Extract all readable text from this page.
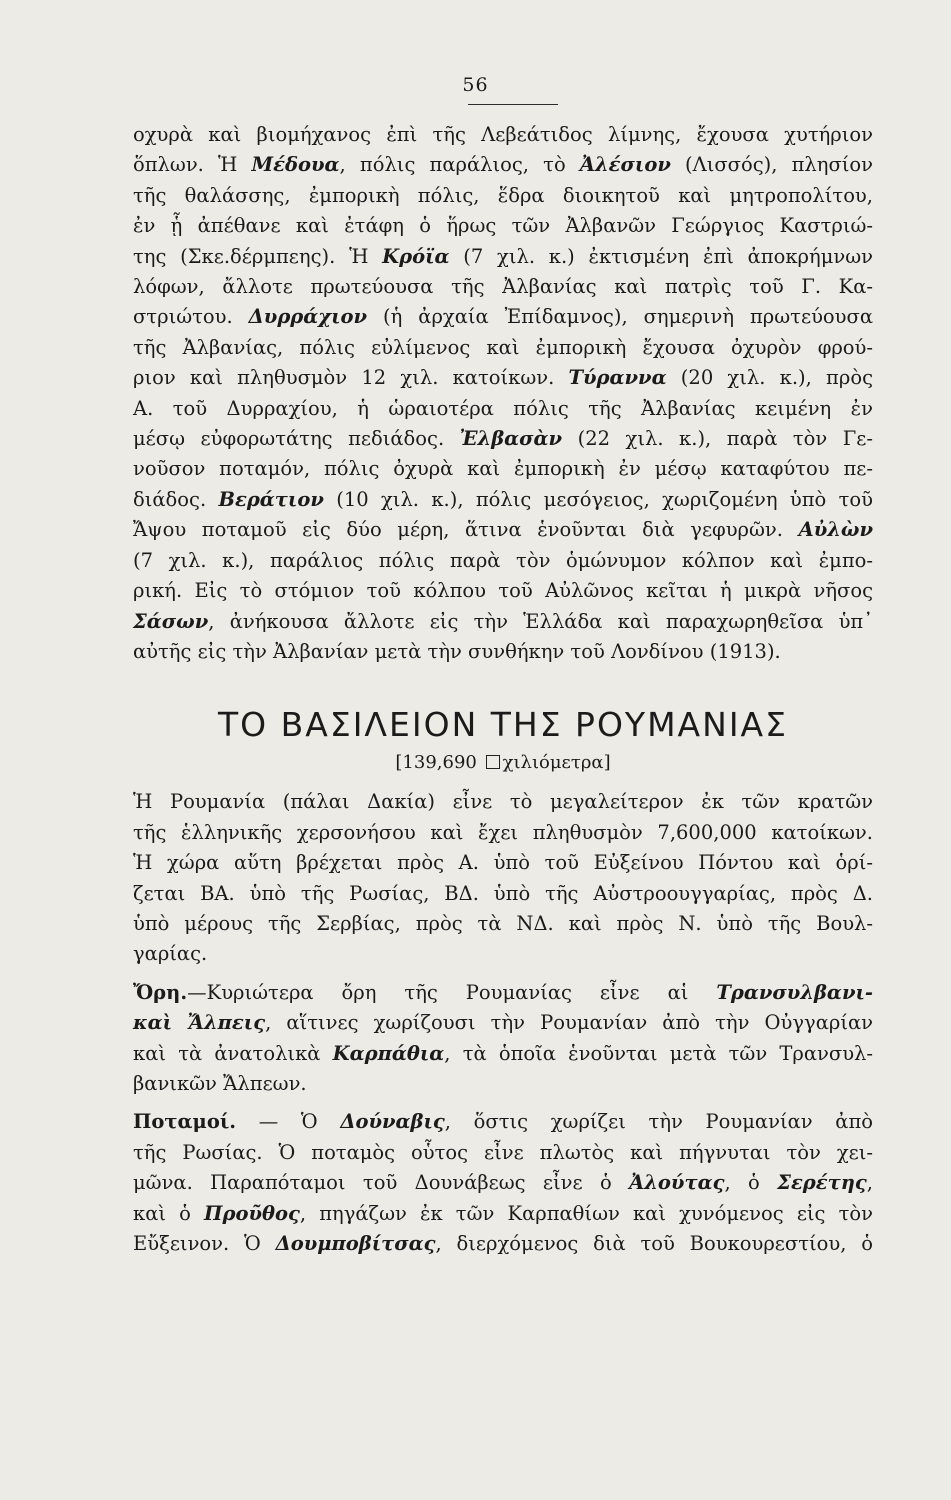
56

οχυρὰ καὶ βιομήχανος ἐπὶ τῆς Λεβεάτιδος λίμνης, ἔχουσα χυτήριον
ὅπλων. Ἡ Μέδουα, πόλις παράλιος, τὸ Ἀλέσιον (Λισσός), πλησίον
τῆς θαλάσσης, ἐμπορικὴ πόλις, ἕδρα διοικητοῦ καὶ μητροπολίτου,
ἐν ᾗ ἀπέθανε καὶ ἐτάφη ὁ ἥρως τῶν Ἀλβανῶν Γεώργιος Καστριώ-
της (Σκε.δέρμπεης). Ἡ Κρόϊα (7 χιλ. κ.) ἐκτισμένη ἐπὶ ἀποκρήμνων
λόφων, ἄλλοτε πρωτεύουσα τῆς Ἀλβανίας καὶ πατρὶς τοῦ Γ. Κα-
στριώτου. Δυρράχιον (ἡ ἀρχαία Ἐπίδαμνος), σημερινὴ πρωτεύουσα
τῆς Ἀλβανίας, πόλις εὐλίμενος καὶ ἐμπορικὴ ἔχουσα ὀχυρὸν φρού-
ριον καὶ πληθυσμὸν 12 χιλ. κατοίκων. Τύραννα (20 χιλ. κ.), πρὸς
Α. τοῦ Δυρραχίου, ἡ ὡραιοτέρα πόλις τῆς Ἀλβανίας κειμένη ἐν
μέσῳ εὐφορωτάτης πεδιάδος. Ἐλβασὰν (22 χιλ. κ.), παρὰ τὸν Γε-
νοῦσον ποταμόν, πόλις ὀχυρὰ καὶ ἐμπορικὴ ἐν μέσῳ καταφύτου πε-
διάδος. Βεράτιον (10 χιλ. κ.), πόλις μεσόγειος, χωριζομένη ὑπὸ τοῦ
Ἄψου ποταμοῦ εἰς δύο μέρη, ἅτινα ἑνοῦνται διὰ γεφυρῶν. Αὐλὼν
(7 χιλ. κ.), παράλιος πόλις παρὰ τὸν ὁμώνυμον κόλπον καὶ ἐμπο-
ρική. Εἰς τὸ στόμιον τοῦ κόλπου τοῦ Αὐλῶνος κεῖται ἡ μικρὰ νῆσος
Σάσων, ἀνήκουσα ἄλλοτε εἰς τὴν Ἑλλάδα καὶ παραχωρηθεῖσα ὑπ᾽
αὐτῆς εἰς τὴν Ἀλβανίαν μετὰ τὴν συνθήκην τοῦ Λονδίνου (1913).

ΤΟ ΒΑΣΙΛΕΙΟΝ ΤΗΣ ΡΟΥΜΑΝΙΑΣ
[139,690 χιλιόμετρα]

Ἡ Ρουμανία (πάλαι Δακία) εἶνε τὸ μεγαλείτερον ἐκ τῶν κρατῶν
τῆς ἑλληνικῆς χερσονήσου καὶ ἔχει πληθυσμὸν 7,600,000 κατοίκων.
Ἡ χώρα αὕτη βρέχεται πρὸς Α. ὑπὸ τοῦ Εὐξείνου Πόντου καὶ ὁρί-
ζεται ΒΑ. ὑπὸ τῆς Ρωσίας, ΒΔ. ὑπὸ τῆς Αὐστροουγγαρίας, πρὸς Δ.
ὑπὸ μέρους τῆς Σερβίας, πρὸς τὰ ΝΔ. καὶ πρὸς Ν. ὑπὸ τῆς Βουλ-
γαρίας.

Ὄρη.—Κυριώτερα ὄρη τῆς Ρουμανίας εἶνε αἱ Τρανσυλβανι-
καὶ Ἄλπεις, αἵτινες χωρίζουσι τὴν Ρουμανίαν ἀπὸ τὴν Οὐγγαρίαν
καὶ τὰ ἀνατολικὰ Καρπάθια, τὰ ὁποῖα ἑνοῦνται μετὰ τῶν Τρανσυλ-
βανικῶν Ἄλπεων.

Ποταμοί. — Ὁ Δούναβις, ὅστις χωρίζει τὴν Ρουμανίαν ἀπὸ
τῆς Ρωσίας. Ὁ ποταμὸς οὗτος εἶνε πλωτὸς καὶ πήγνυται τὸν χει-
μῶνα. Παραπόταμοι τοῦ Δουνάβεως εἶνε ὁ Ἀλούτας, ὁ Σερέτης,
καὶ ὁ Προῦθος, πηγάζων ἐκ τῶν Καρπαθίων καὶ χυνόμενος εἰς τὸν
Εὔξεινον. Ὁ Δουμποβίτσας, διερχόμενος διὰ τοῦ Βουκουρεστίου, ὁ
